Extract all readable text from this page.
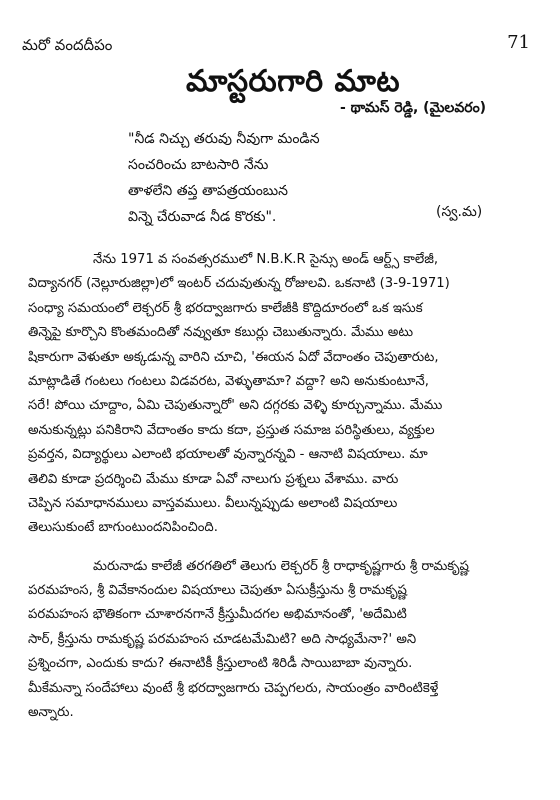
మరో వందదీపం	71
మాస్టరుగారి మాట
- థామస్ రెడ్డి, (మైలవరం)
"నీడ నిచ్చు తరువు నీవుగా మండిన
సంచరించు బాటసారి నేను
తాళలేని తప్త తాపత్రయంబున
విన్నె చేరువాడ నీడ కొరకు".	(స్వ.మ)
నేను 1971 వ సంవత్సరములో N.B.K.R సైన్సు అండ్ ఆర్ట్స్ కాలేజీ,
విద్యానగర్ (నెల్లూరుజిల్లా)లో ఇంటర్ చదువుతున్న రోజులవి. ఒకనాటి (3-9-1971)
సంధ్యా సమయంలో లెక్చరర్ శ్రీ భరద్వాజగారు కాలేజీకి కొద్దిదూరంలో ఒక ఇసుక
తిన్నెపై కూర్చొని కొంతమందితో నవ్వుతూ కబుర్లు చెబుతున్నారు. మేము అటు
షికారుగా వెళుతూ అక్కడున్న వారిని చూచి, 'ఈయన ఏదో వేదాంతం చెపుతారుట,
మాట్లాడితే గంటలు గంటలు విడవరట, వెళ్ళుతామా? వద్దా? అని అనుకుంటూనే,
సరే! పోయి చూద్దాం, ఏమి చెపుతున్నారో' అని దగ్గరకు వెళ్ళి కూర్చున్నాము. మేము
అనుకున్నట్లు పనికిరాని వేదాంతం కాదు కదా, ప్రస్తుత సమాజ పరిస్థితులు, వ్యక్తుల
ప్రవర్తన, విద్యార్థులు ఎలాంటి భయాలతో వున్నారన్నవి - ఆనాటి విషయాలు. మా
తెలివి కూడా ప్రదర్శించి మేము కూడా ఏవో నాలుగు ప్రశ్నలు వేశాము. వారు
చెప్పిన సమాధానములు వాస్తవములు. వీలున్నప్పుడు అలాంటి విషయాలు
తెలుసుకుంటే బాగుంటుందనిపించింది.
మరునాడు కాలేజీ తరగతిలో తెలుగు లెక్చరర్ శ్రీ రాధాకృష్ణగారు శ్రీ రామకృష్ణ
పరమహంస, శ్రీ వివేకానందుల విషయాలు చెపుతూ ఏసుక్రీస్తును శ్రీ రామకృష్ణ
పరమహంస భౌతికంగా చూశారనగానే క్రీస్తుమీదగల అభిమానంతో, 'అదేమిటి
సార్, క్రీస్తును రామకృష్ణ పరమహంస చూడటమేమిటి? అది సాధ్యమేనా?' అని
ప్రశ్నించగా, ఎందుకు కాదు? ఈనాటికీ క్రీస్తులాంటి శిరిడీ సాయిబాబా వున్నారు.
మీకేమన్నా సందేహాలు వుంటే శ్రీ భరద్వాజగారు చెప్పగలరు, సాయంత్రం వారింటికెళ్తే
అన్నారు.
